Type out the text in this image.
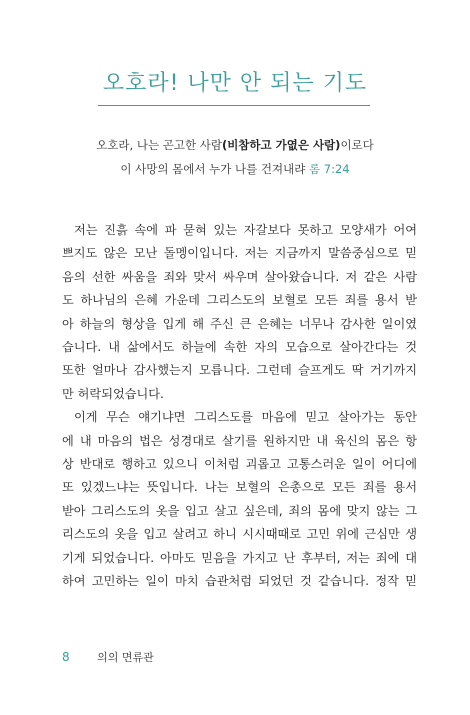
오호라! 나만 안 되는 기도
오호라, 나는 곤고한 사람(비참하고 가엾은 사람)이로다
이 사망의 몸에서 누가 나를 건져내랴 롬 7:24
저는 진흙 속에 파 묻혀 있는 자갈보다 못하고 모양새가 어여
쁘지도 않은 모난 돌멩이입니다. 저는 지금까지 말씀중심으로 믿
음의 선한 싸움을 죄와 맞서 싸우며 살아왔습니다. 저 같은 사람
도 하나님의 은혜 가운데 그리스도의 보혈로 모든 죄를 용서 받
아 하늘의 형상을 입게 해 주신 큰 은혜는 너무나 감사한 일이였
습니다. 내 삶에서도 하늘에 속한 자의 모습으로 살아간다는 것
또한 얼마나 감사했는지 모릅니다. 그런데 슬프게도 딱 거기까지
만 허락되었습니다.
이게 무슨 얘기냐면 그리스도를 마음에 믿고 살아가는 동안
에 내 마음의 법은 성경대로 살기를 원하지만 내 육신의 몸은 항
상 반대로 행하고 있으니 이처럼 괴롭고 고통스러운 일이 어디에
또 있겠느냐는 뜻입니다. 나는 보혈의 은총으로 모든 죄를 용서
받아 그리스도의 옷을 입고 살고 싶은데, 죄의 몸에 맞지 않는 그
리스도의 옷을 입고 살려고 하니 시시때때로 고민 위에 근심만 생
기게 되었습니다. 아마도 믿음을 가지고 난 후부터, 저는 죄에 대
하여 고민하는 일이 마치 습관처럼 되었던 것 같습니다. 정작 믿
8	의의 면류관
